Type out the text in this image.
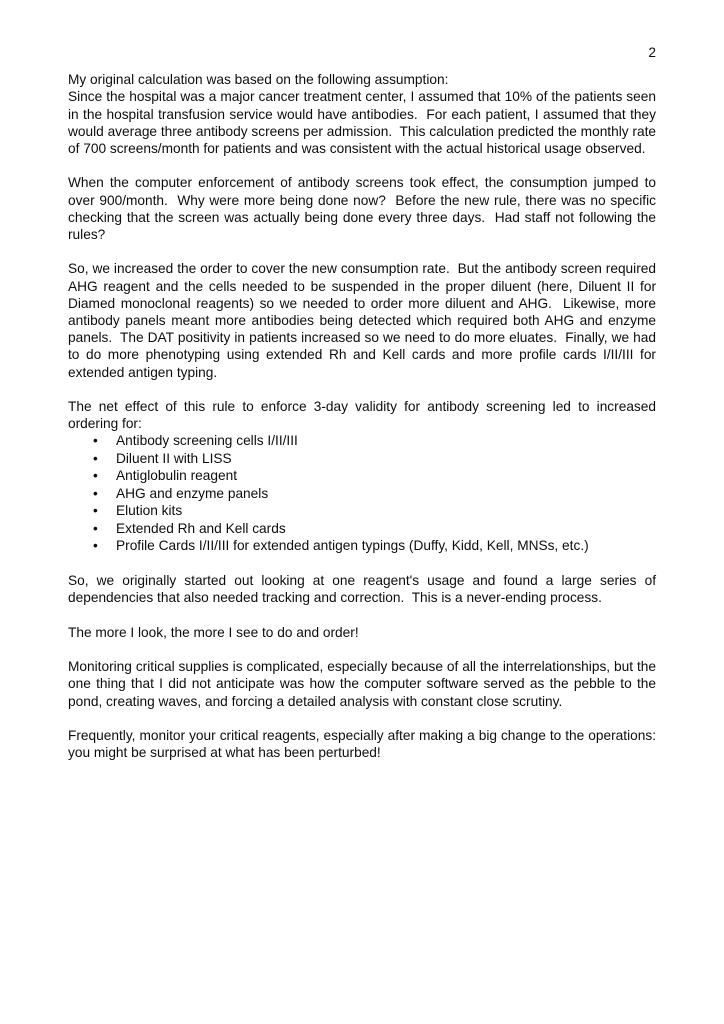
2

My original calculation was based on the following assumption:

Since the hospital was a major cancer treatment center, I assumed that 10% of the patients seen in the hospital transfusion service would have antibodies.  For each patient, I assumed that they would average three antibody screens per admission.  This calculation predicted the monthly rate of 700 screens/month for patients and was consistent with the actual historical usage observed.

When the computer enforcement of antibody screens took effect, the consumption jumped to over 900/month.  Why were more being done now?  Before the new rule, there was no specific checking that the screen was actually being done every three days.  Had staff not following the rules?

So, we increased the order to cover the new consumption rate.  But the antibody screen required AHG reagent and the cells needed to be suspended in the proper diluent (here, Diluent II for Diamed monoclonal reagents) so we needed to order more diluent and AHG.  Likewise, more antibody panels meant more antibodies being detected which required both AHG and enzyme panels.  The DAT positivity in patients increased so we need to do more eluates.  Finally, we had to do more phenotyping using extended Rh and Kell cards and more profile cards I/II/III for extended antigen typing.

The net effect of this rule to enforce 3-day validity for antibody screening led to increased ordering for:

• Antibody screening cells I/II/III
• Diluent II with LISS
• Antiglobulin reagent
• AHG and enzyme panels
• Elution kits
• Extended Rh and Kell cards
• Profile Cards I/II/III for extended antigen typings (Duffy, Kidd, Kell, MNSs, etc.)

So, we originally started out looking at one reagent's usage and found a large series of dependencies that also needed tracking and correction.  This is a never-ending process.

The more I look, the more I see to do and order!

Monitoring critical supplies is complicated, especially because of all the interrelationships, but the one thing that I did not anticipate was how the computer software served as the pebble to the pond, creating waves, and forcing a detailed analysis with constant close scrutiny.

Frequently, monitor your critical reagents, especially after making a big change to the operations:  you might be surprised at what has been perturbed!
